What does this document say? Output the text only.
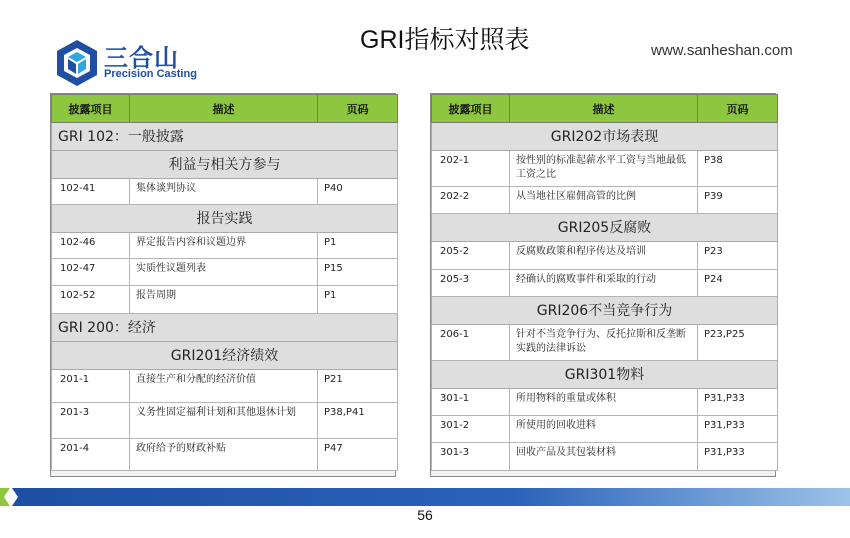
三合山
Precision Casting
GRI指标对照表	www.sanheshan.com
披露项目	描述	页码
GRI 102：一般披露		
利益与相关方参与		
102-41	集体谈判协议	P40
报告实践		
102-46	界定报告内容和议题边界	P1
102-47	实质性议题列表	P15
102-52	报告周期	P1
GRI 200：经济		
GRI201经济绩效		
201-1	直接生产和分配的经济价值	P21
201-3	义务性固定福利计划和其他退休计划	P38,P41
201-4	政府给予的财政补贴	P47
披露项目	描述	页码
GRI202市场表现		
202-1	按性别的标准起薪水平工资与当地最低工资之比	P38
202-2	从当地社区雇佣高管的比例	P39
GRI205反腐败		
205-2	反腐败政策和程序传达及培训	P23
205-3	经确认的腐败事件和采取的行动	P24
GRI206不当竞争行为		
206-1	针对不当竞争行为、反托拉斯和反垄断实践的法律诉讼	P23,P25
GRI301物料		
301-1	所用物料的重量或体积	P31,P33
301-2	所使用的回收进料	P31,P33
301-3	回收产品及其包装材料	P31,P33
56
